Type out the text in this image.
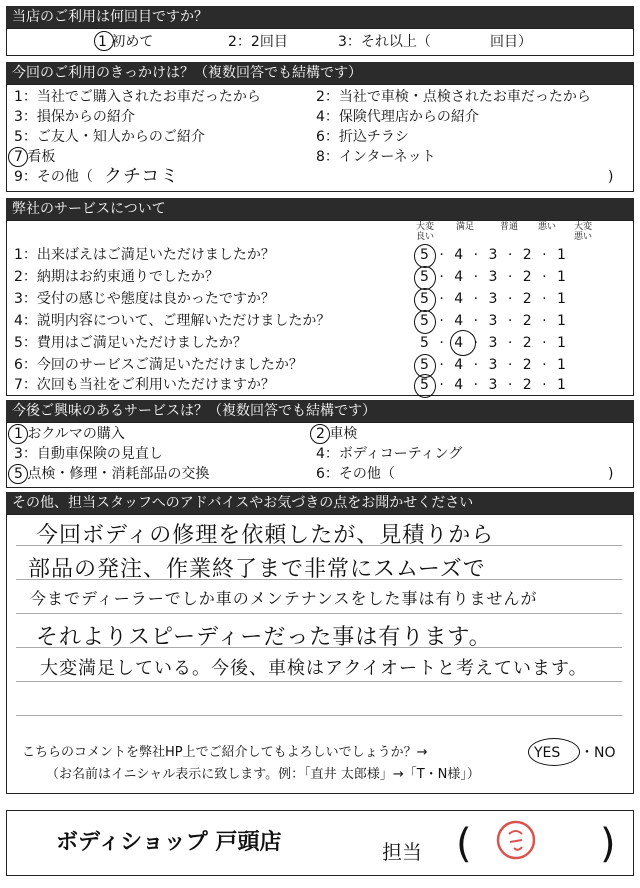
当店のご利用は何回目ですか？
1 初めて	2：2回目	3：それ以上（	回目）
今回のご利用のきっかけは？（複数回答でも結構です）
1：当社でご購入されたお車だったから	2：当社で車検・点検されたお車だったから
3：損保からの紹介	4：保険代理店からの紹介
5：ご友人・知人からのご紹介	6：折込チラシ
7 看板	8：インターネット
9：その他（ クチコミ	)
弊社のサービスについて
大変良い
満足	普通	悪い	大変悪い
1：出来ばえはご満足いただけましたか？	5 · 4 · 3 · 2 · 1
2：納期はお約束通りでしたか？	5 · 4 · 3 · 2 · 1
3：受付の感じや態度は良かったですか？	5 · 4 · 3 · 2 · 1
4：説明内容について、ご理解いただけましたか？	5 · 4 · 3 · 2 · 1
5：費用はご満足いただけましたか？	5 · 4 · 3 · 2 · 1
6：今回のサービスご満足いただけましたか？	5 · 4 · 3 · 2 · 1
7：次回も当社をご利用いただけますか？	5 · 4 · 3 · 2 · 1
今後ご興味のあるサービスは？（複数回答でも結構です）
1 おクルマの購入	2 車検
3：自動車保険の見直し	4：ボディコーティング
5 点検・修理・消耗部品の交換	6：その他（	)
その他、担当スタッフへのアドバイスやお気づきの点をお聞かせください
今回ボディの修理を依頼したが、見積りから
部品の発注、作業終了まで非常にスムーズで
今までディーラーでしか車のメンテナンスをした事は有りませんが
それよりスピーディーだった事は有ります。
大変満足している。今後、車検はアクイオートと考えています。
こちらのコメントを弊社HP上でご紹介してもよろしいでしょうか？→	YES ・NO
（お名前はイニシャル表示に致します。例：「直井 太郎様」→「T・N様」）
ボディショップ 戸頭店	担当 (	)
